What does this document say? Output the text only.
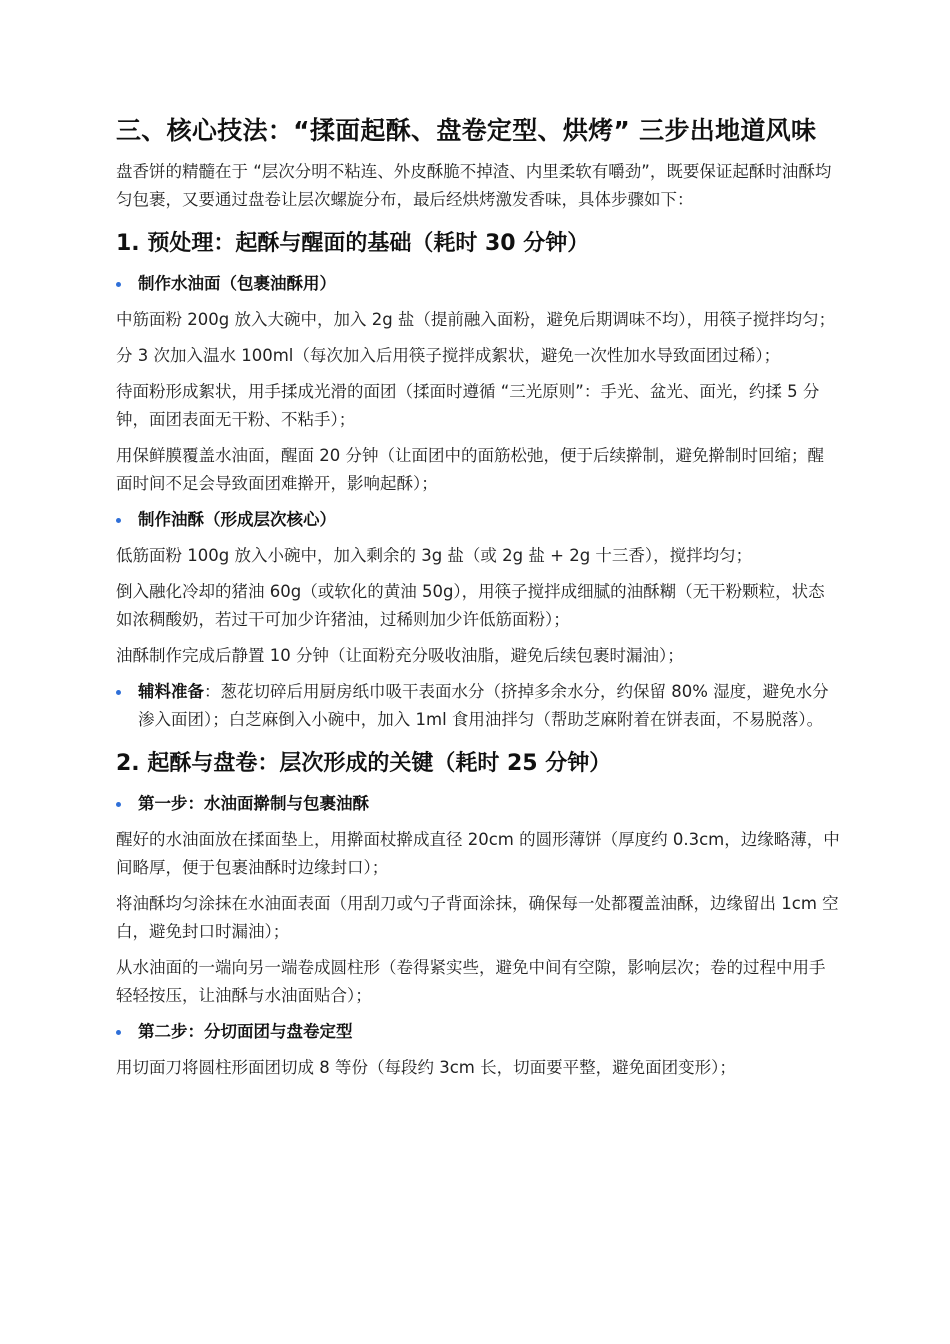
三、核心技法：“揉面起酥、盘卷定型、烘烤” 三步出地道风味

盘香饼的精髓在于 “层次分明不粘连、外皮酥脆不掉渣、内里柔软有嚼劲”，既要保证起酥时油酥均匀包裹，又要通过盘卷让层次螺旋分布，最后经烘烤激发香味，具体步骤如下：

1. 预处理：起酥与醒面的基础（耗时 30 分钟）
制作水油面（包裹油酥用）

中筋面粉 200g 放入大碗中，加入 2g 盐（提前融入面粉，避免后期调味不均），用筷子搅拌均匀；

分 3 次加入温水 100ml（每次加入后用筷子搅拌成絮状，避免一次性加水导致面团过稀）；

待面粉形成絮状，用手揉成光滑的面团（揉面时遵循 “三光原则”：手光、盆光、面光，约揉 5 分钟，面团表面无干粉、不粘手）；

用保鲜膜覆盖水油面，醒面 20 分钟（让面团中的面筋松弛，便于后续擀制，避免擀制时回缩；醒面时间不足会导致面团难擀开，影响起酥）；

制作油酥（形成层次核心）

低筋面粉 100g 放入小碗中，加入剩余的 3g 盐（或 2g 盐 + 2g 十三香），搅拌均匀；

倒入融化冷却的猪油 60g（或软化的黄油 50g），用筷子搅拌成细腻的油酥糊（无干粉颗粒，状态如浓稠酸奶，若过干可加少许猪油，过稀则加少许低筋面粉）；

油酥制作完成后静置 10 分钟（让面粉充分吸收油脂，避免后续包裹时漏油）；

辅料准备：葱花切碎后用厨房纸巾吸干表面水分（挤掉多余水分，约保留 80% 湿度，避免水分渗入面团）；白芝麻倒入小碗中，加入 1ml 食用油拌匀（帮助芝麻附着在饼表面，不易脱落）。
2. 起酥与盘卷：层次形成的关键（耗时 25 分钟）
第一步：水油面擀制与包裹油酥

醒好的水油面放在揉面垫上，用擀面杖擀成直径 20cm 的圆形薄饼（厚度约 0.3cm，边缘略薄，中间略厚，便于包裹油酥时边缘封口）；

将油酥均匀涂抹在水油面表面（用刮刀或勺子背面涂抹，确保每一处都覆盖油酥，边缘留出 1cm 空白，避免封口时漏油）；

从水油面的一端向另一端卷成圆柱形（卷得紧实些，避免中间有空隙，影响层次；卷的过程中用手轻轻按压，让油酥与水油面贴合）；

第二步：分切面团与盘卷定型

用切面刀将圆柱形面团切成 8 等份（每段约 3cm 长，切面要平整，避免面团变形）；
